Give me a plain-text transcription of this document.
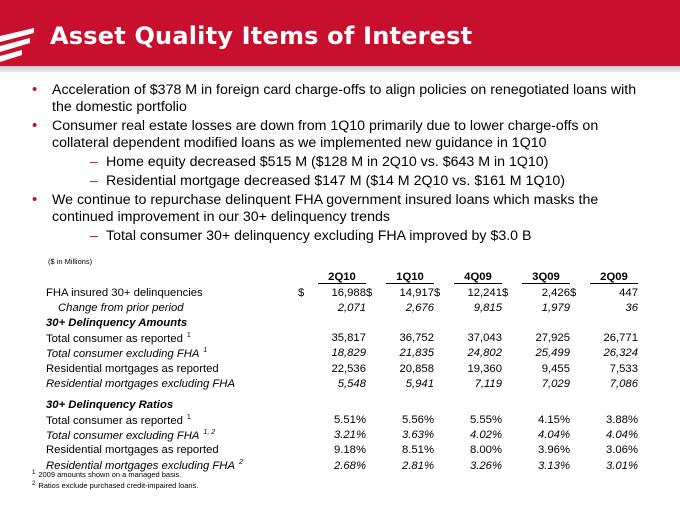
Asset Quality Items of Interest
• Acceleration of $378 M in foreign card charge-offs to align policies on renegotiated loans with the domestic portfolio
• Consumer real estate losses are down from 1Q10 primarily due to lower charge-offs on collateral dependent modified loans as we implemented new guidance in 1Q10
– Home equity decreased $515 M ($128 M in 2Q10 vs. $643 M in 1Q10)
– Residential mortgage decreased $147 M ($14 M 2Q10 vs. $161 M 1Q10)
• We continue to repurchase delinquent FHA government insured loans which masks the continued improvement in our 30+ delinquency trends
– Total consumer 30+ delinquency excluding FHA improved by $3.0 B
($ in Millions)
		2Q10		1Q10		4Q09		3Q09		2Q09
FHA insured 30+ delinquencies	$	16,988	$	14,917	$	12,241	$	2,426	$	447
Change from prior period		2,071		2,676		9,815		1,979		36
30+ Delinquency Amounts										
Total consumer as reported $^1$		35,817		36,752		37,043		27,925		26,771
Total consumer excluding FHA $^1$		18,829		21,835		24,802		25,499		26,324
Residential mortgages as reported		22,536		20,858		19,360		9,455		7,533
Residential mortgages excluding FHA		5,548		5,941		7,119		7,029		7,086

30+ Delinquency Ratios										
Total consumer as reported $^1$		5.51%		5.56%		5.55%		4.15%		3.88%
Total consumer excluding FHA $^{1, 2}$		3.21%		3.63%		4.02%		4.04%		4.04%
Residential mortgages as reported		9.18%		8.51%		8.00%		3.96%		3.06%
Residential mortgages excluding FHA $^2$		2.68%		2.81%		3.26%		3.13%		3.01%
$^1$ 2009 amounts shown on a managed basis.
$^2$ Ratios exclude purchased credit-impaired loans.
